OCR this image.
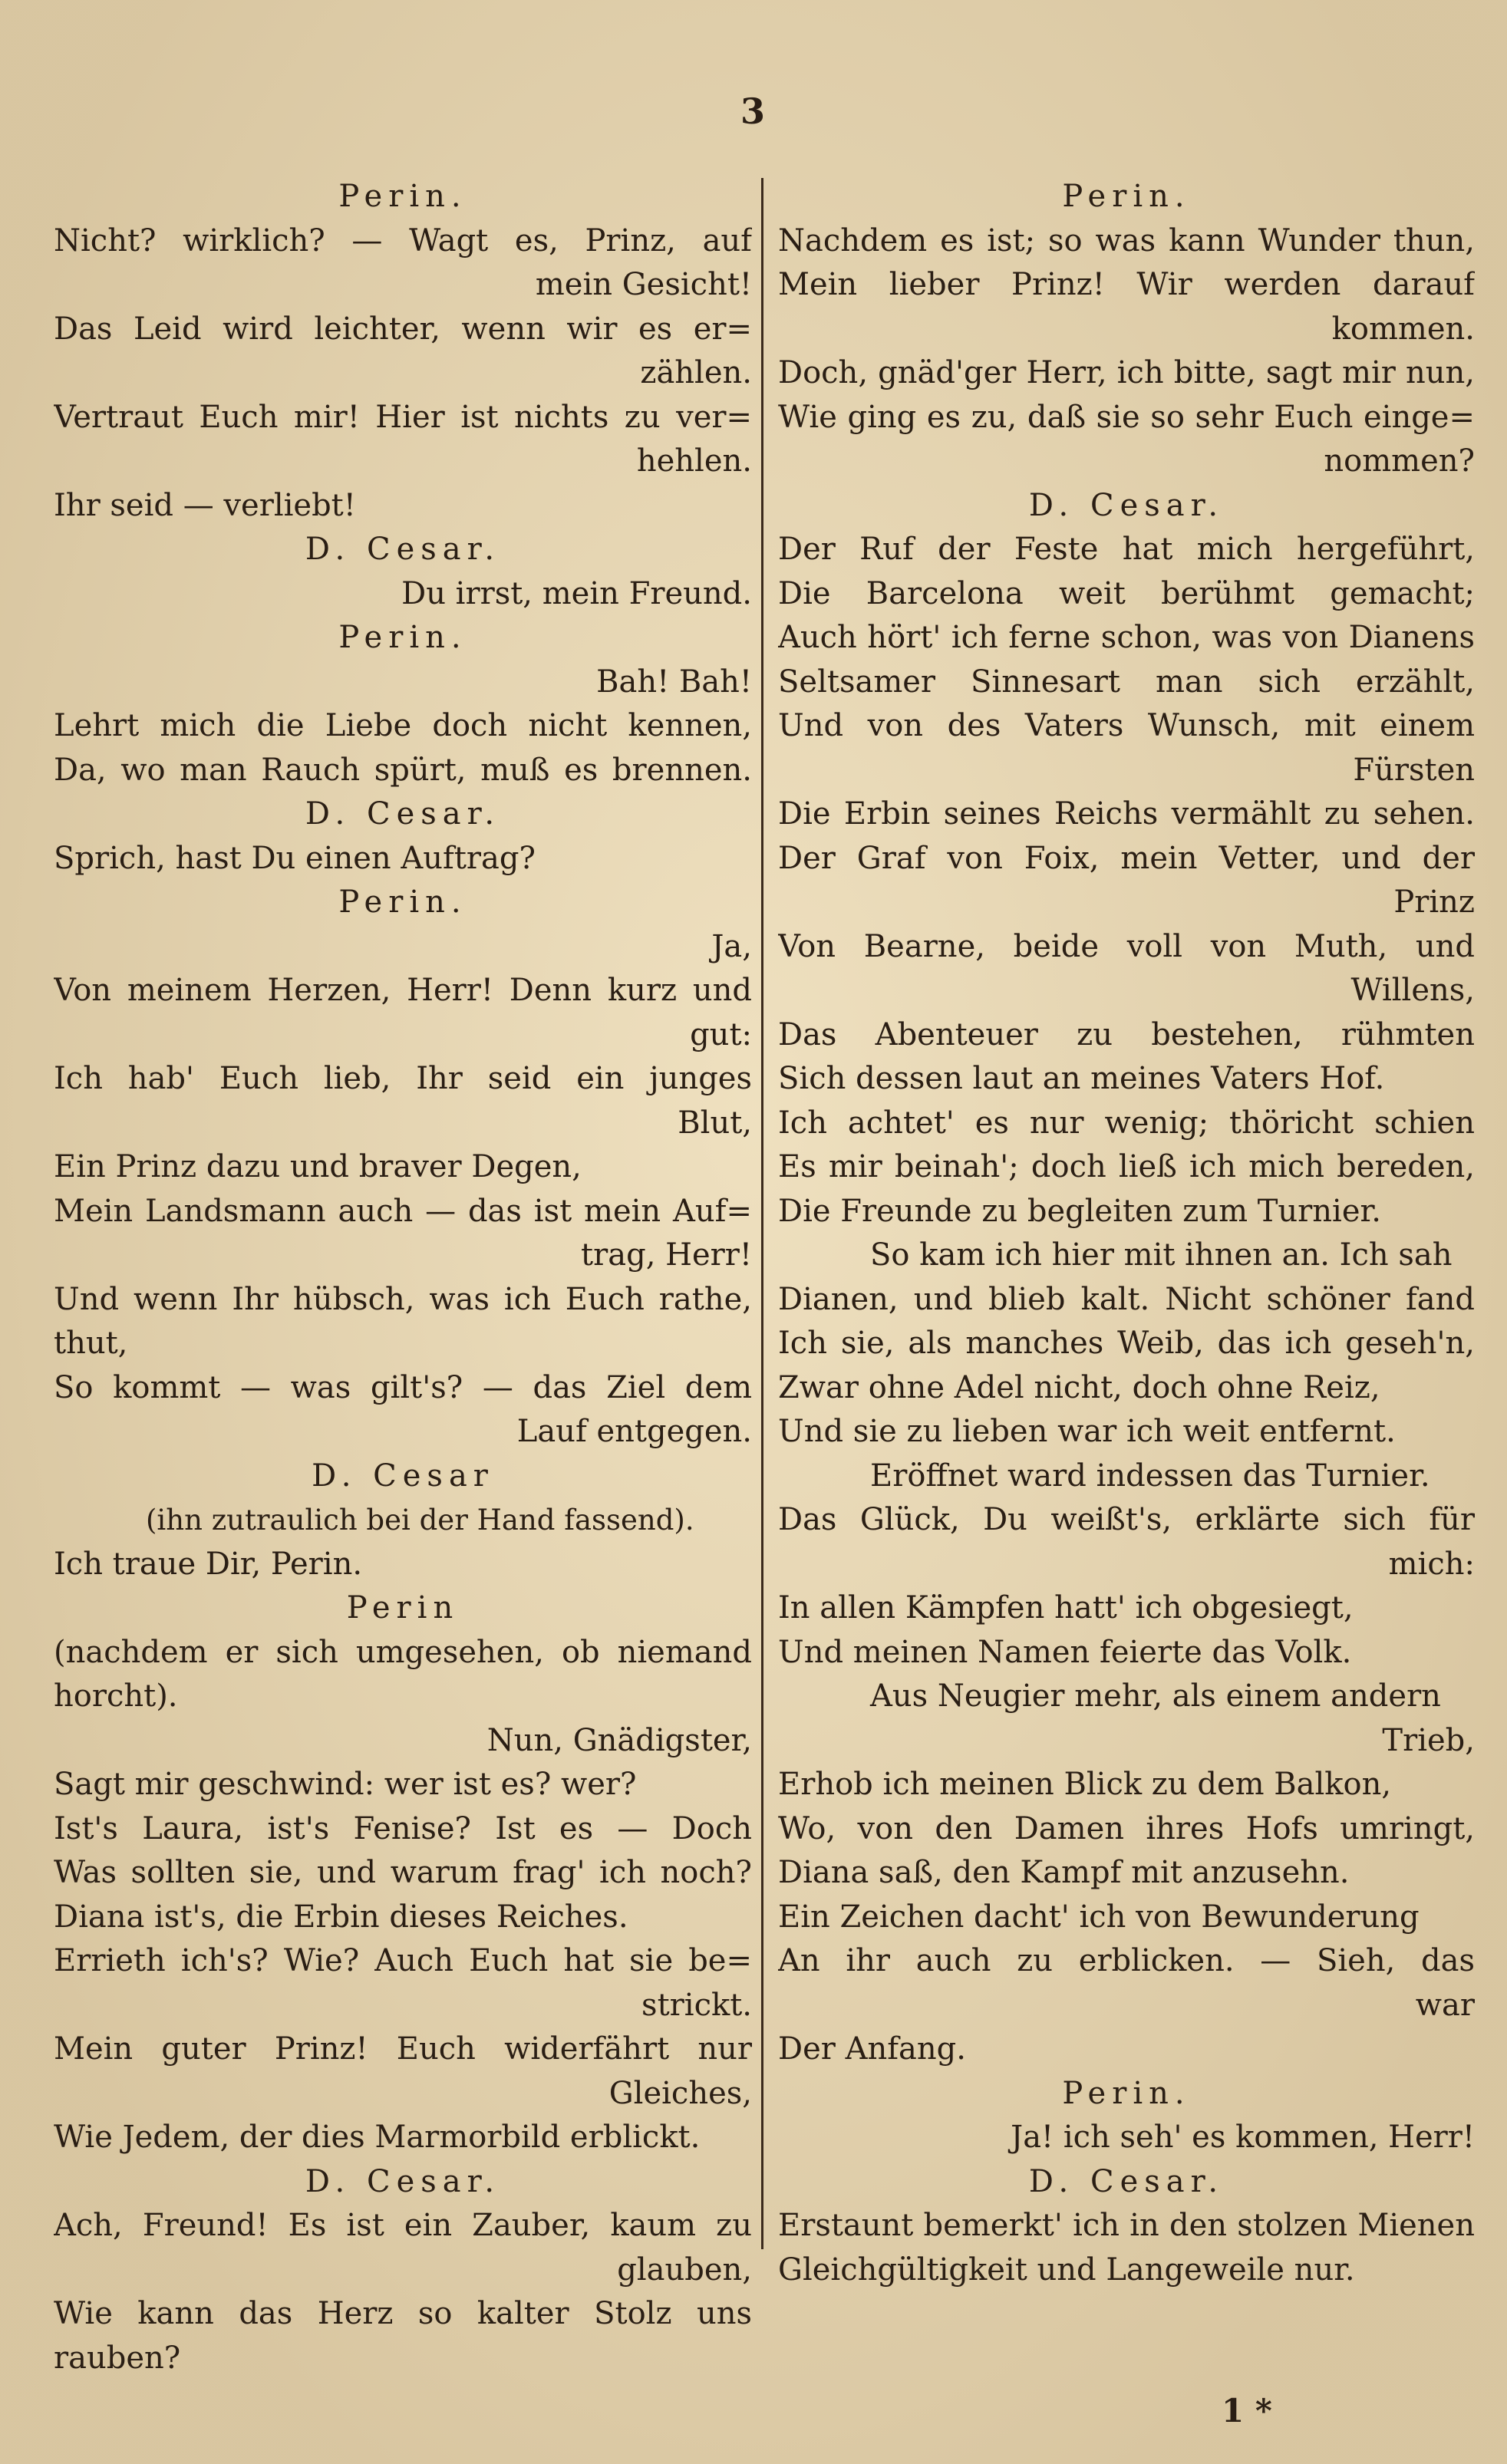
3
Perin.
Nicht? wirklich? — Wagt es, Prinz, auf
mein Gesicht!
Das Leid wird leichter, wenn wir es er=
zählen.
Vertraut Euch mir! Hier ist nichts zu ver=
hehlen.
Ihr seid — verliebt!
D. Cesar.
Du irrst, mein Freund.
Perin.
Bah! Bah!
Lehrt mich die Liebe doch nicht kennen,
Da, wo man Rauch spürt, muß es brennen.
D. Cesar.
Sprich, hast Du einen Auftrag?
Perin.
Ja,
Von meinem Herzen, Herr! Denn kurz und
gut:
Ich hab' Euch lieb, Ihr seid ein junges
Blut,
Ein Prinz dazu und braver Degen,
Mein Landsmann auch — das ist mein Auf=
trag, Herr!
Und wenn Ihr hübsch, was ich Euch rathe, thut,
So kommt — was gilt's? — das Ziel dem
Lauf entgegen.
D. Cesar
(ihn zutraulich bei der Hand fassend).
Ich traue Dir, Perin.
Perin
(nachdem er sich umgesehen, ob niemand horcht).
Nun, Gnädigster,
Sagt mir geschwind: wer ist es? wer?
Ist's Laura, ist's Fenise? Ist es — Doch
Was sollten sie, und warum frag' ich noch?
Diana ist's, die Erbin dieses Reiches.
Errieth ich's? Wie? Auch Euch hat sie be=
strickt.
Mein guter Prinz! Euch widerfährt nur
Gleiches,
Wie Jedem, der dies Marmorbild erblickt.
D. Cesar.
Ach, Freund! Es ist ein Zauber, kaum zu
glauben,
Wie kann das Herz so kalter Stolz uns rauben?
Perin.
Nachdem es ist; so was kann Wunder thun,
Mein lieber Prinz! Wir werden darauf
kommen.
Doch, gnäd'ger Herr, ich bitte, sagt mir nun,
Wie ging es zu, daß sie so sehr Euch einge=
nommen?
D. Cesar.
Der Ruf der Feste hat mich hergeführt,
Die Barcelona weit berühmt gemacht;
Auch hört' ich ferne schon, was von Dianens
Seltsamer Sinnesart man sich erzählt,
Und von des Vaters Wunsch, mit einem
Fürsten
Die Erbin seines Reichs vermählt zu sehen.
Der Graf von Foix, mein Vetter, und der
Prinz
Von Bearne, beide voll von Muth, und
Willens,
Das Abenteuer zu bestehen, rühmten
Sich dessen laut an meines Vaters Hof.
Ich achtet' es nur wenig; thöricht schien
Es mir beinah'; doch ließ ich mich bereden,
Die Freunde zu begleiten zum Turnier.
So kam ich hier mit ihnen an. Ich sah
Dianen, und blieb kalt. Nicht schöner fand
Ich sie, als manches Weib, das ich geseh'n,
Zwar ohne Adel nicht, doch ohne Reiz,
Und sie zu lieben war ich weit entfernt.
Eröffnet ward indessen das Turnier.
Das Glück, Du weißt's, erklärte sich für
mich:
In allen Kämpfen hatt' ich obgesiegt,
Und meinen Namen feierte das Volk.
Aus Neugier mehr, als einem andern
Trieb,
Erhob ich meinen Blick zu dem Balkon,
Wo, von den Damen ihres Hofs umringt,
Diana saß, den Kampf mit anzusehn.
Ein Zeichen dacht' ich von Bewunderung
An ihr auch zu erblicken. — Sieh, das
war
Der Anfang.
Perin.
Ja! ich seh' es kommen, Herr!
D. Cesar.
Erstaunt bemerkt' ich in den stolzen Mienen
Gleichgültigkeit und Langeweile nur.
1 *
